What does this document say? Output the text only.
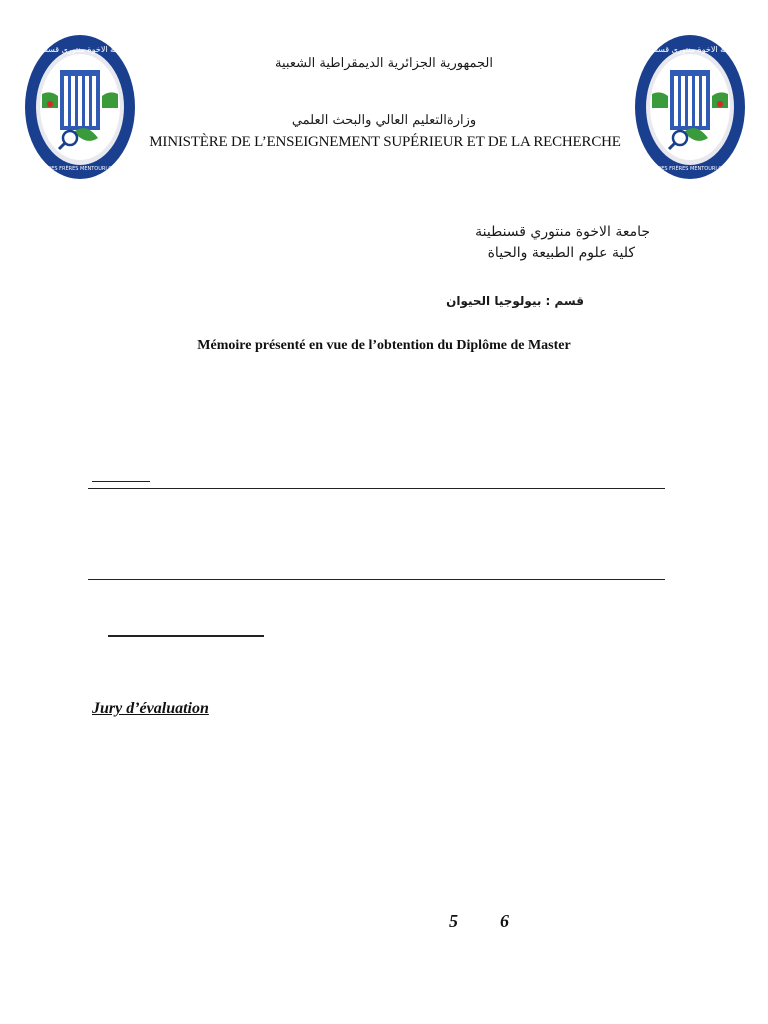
جامعة الاخوة منتوري قسنطينة
UNIVERSITÉ DES FRÈRES MENTOURI CONSTANTINE
جامعة الاخوة منتوري قسنطينة
UNIVERSITÉ DES FRÈRES MENTOURI CONSTANTINE
الجمهورية الجزائرية الديمقراطية الشعبية
وزارةالتعليم العالي والبحث العلمي
MINISTÈRE DE L’ENSEIGNEMENT SUPÉRIEUR ET DE LA RECHERCHE
جامعة الاخوة منتوري قسنطينة
كلية علوم الطبيعة والحياة
قسم : بيولوجيا الحيوان
Mémoire présenté en vue de l’obtention du Diplôme de Master
Jury d’évaluation
5 6
